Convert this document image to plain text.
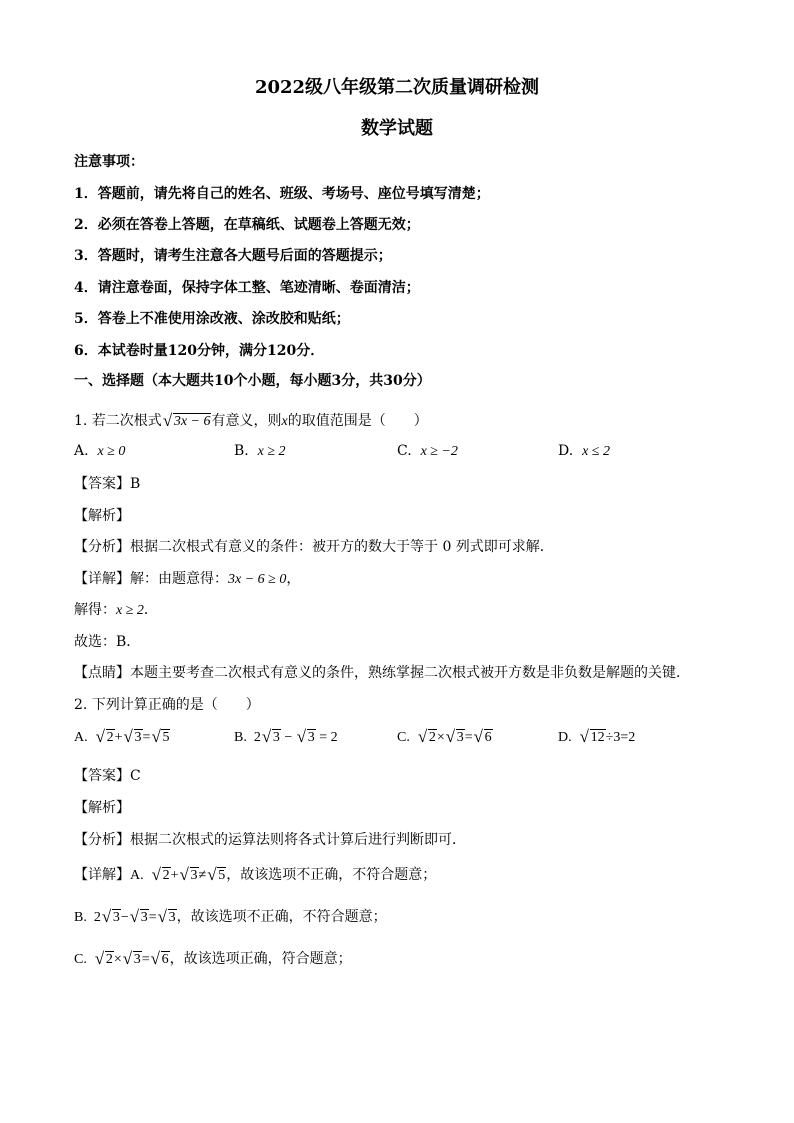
2022级八年级第二次质量调研检测
数学试题
注意事项：
1．答题前，请先将自己的姓名、班级、考场号、座位号填写清楚；
2．必须在答卷上答题，在草稿纸、试题卷上答题无效；
3．答题时，请考生注意各大题号后面的答题提示；
4．请注意卷面，保持字体工整、笔迹清晰、卷面清洁；
5．答卷上不准使用涂改液、涂改胶和贴纸；
6．本试卷时量120分钟，满分120分．
一、选择题（本大题共10个小题，每小题3分，共30分）
1. 若二次根式 √ 3x − 6有意义，则x的取值范围是（　　）
A. x ≥ 0	B. x ≥ 2	C. x ≥ −2	D. x ≤ 2
【答案】B
【解析】
【分析】根据二次根式有意义的条件：被开方的数大于等于 0 列式即可求解．
【详解】解：由题意得：3x − 6 ≥ 0，
解得：x ≥ 2．
故选：B．
【点睛】本题主要考查二次根式有意义的条件，熟练掌握二次根式被开方数是非负数是解题的关键．
2. 下列计算正确的是（　　）
A. √ 2+ √ 3= √ 5	B. 2 √ 3 − √ 3 = 2	C. √ 2× √ 3= √ 6	D. √ 12÷3=2
【答案】C
【解析】
【分析】根据二次根式的运算法则将各式计算后进行判断即可．
【详解】A. √ 2+ √ 3≠ √ 5，故该选项不正确，不符合题意；
B. 2 √ 3− √ 3= √ 3，故该选项不正确，不符合题意；
C. √ 2× √ 3= √ 6，故该选项正确，符合题意；
